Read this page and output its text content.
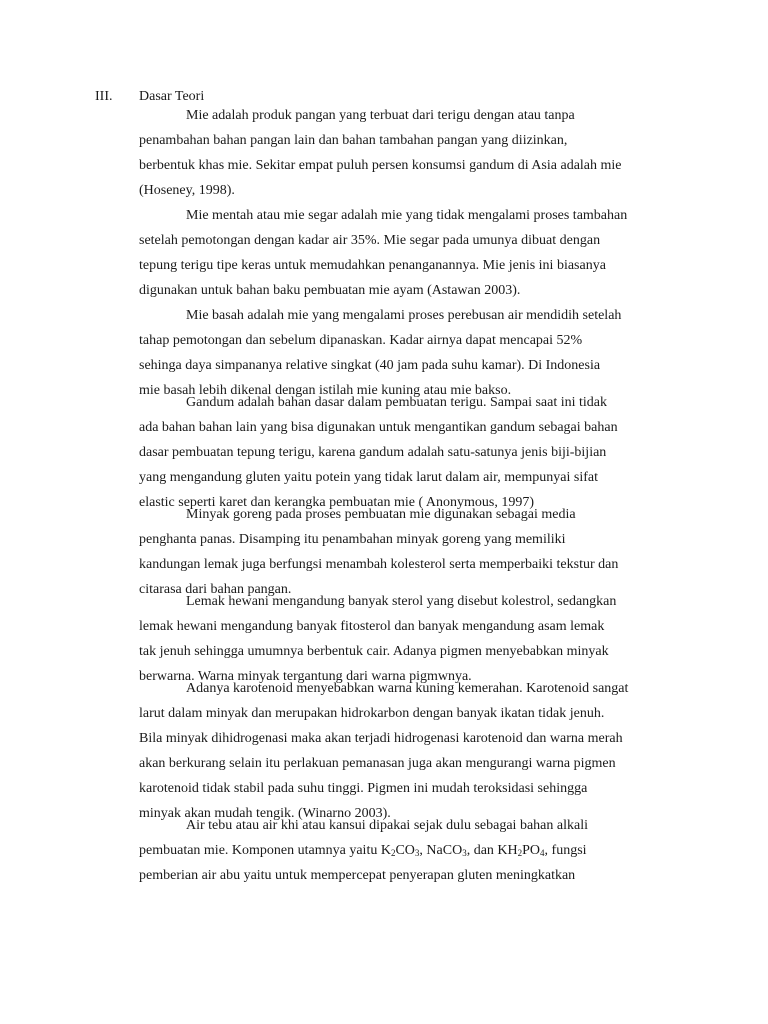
III. Dasar Teori

Mie adalah produk pangan yang terbuat dari terigu dengan atau tanpa

penambahan bahan pangan lain dan bahan tambahan pangan yang diizinkan,

berbentuk khas mie. Sekitar empat puluh persen konsumsi gandum di Asia adalah mie

(Hoseney, 1998).

Mie mentah atau mie segar adalah mie yang tidak mengalami proses tambahan

setelah pemotongan dengan kadar air 35%. Mie segar pada umunya dibuat dengan

tepung terigu tipe keras untuk memudahkan penanganannya. Mie jenis ini biasanya

digunakan untuk bahan baku pembuatan mie ayam (Astawan 2003).

Mie basah adalah mie yang mengalami proses perebusan air mendidih setelah

tahap pemotongan dan sebelum dipanaskan. Kadar airnya dapat mencapai 52%

sehinga daya simpananya relative singkat (40 jam pada suhu kamar). Di Indonesia

mie basah lebih dikenal dengan istilah mie kuning atau mie bakso.

Gandum adalah bahan dasar dalam pembuatan terigu. Sampai saat ini tidak

ada bahan bahan lain yang bisa digunakan untuk mengantikan gandum sebagai bahan

dasar pembuatan tepung terigu, karena gandum adalah satu-satunya jenis biji-bijian

yang mengandung gluten yaitu potein yang tidak larut dalam air, mempunyai sifat

elastic seperti karet dan kerangka pembuatan mie ( Anonymous, 1997)

Minyak goreng pada proses pembuatan mie digunakan sebagai media

penghanta panas. Disamping itu penambahan minyak goreng yang memiliki

kandungan lemak juga berfungsi menambah kolesterol serta memperbaiki tekstur dan

citarasa dari bahan pangan.

Lemak hewani mengandung banyak sterol yang disebut kolestrol, sedangkan

lemak hewani mengandung banyak fitosterol dan banyak mengandung asam lemak

tak jenuh sehingga umumnya berbentuk cair. Adanya pigmen menyebabkan minyak

berwarna. Warna minyak tergantung dari warna pigmwnya.

Adanya karotenoid menyebabkan warna kuning kemerahan. Karotenoid sangat

larut dalam minyak dan merupakan hidrokarbon dengan banyak ikatan tidak jenuh.

Bila minyak dihidrogenasi maka akan terjadi hidrogenasi karotenoid dan warna merah

akan berkurang selain itu perlakuan pemanasan juga akan mengurangi warna pigmen

karotenoid tidak stabil pada suhu tinggi. Pigmen ini mudah teroksidasi sehingga

minyak akan mudah tengik. (Winarno 2003).

Air tebu atau air khi atau kansui dipakai sejak dulu sebagai bahan alkali

pembuatan mie. Komponen utamnya yaitu $K_2CO_3$, NaCO$_3$, dan $KH_2PO_4$, fungsi

pemberian air abu yaitu untuk mempercepat penyerapan gluten meningkatkan
